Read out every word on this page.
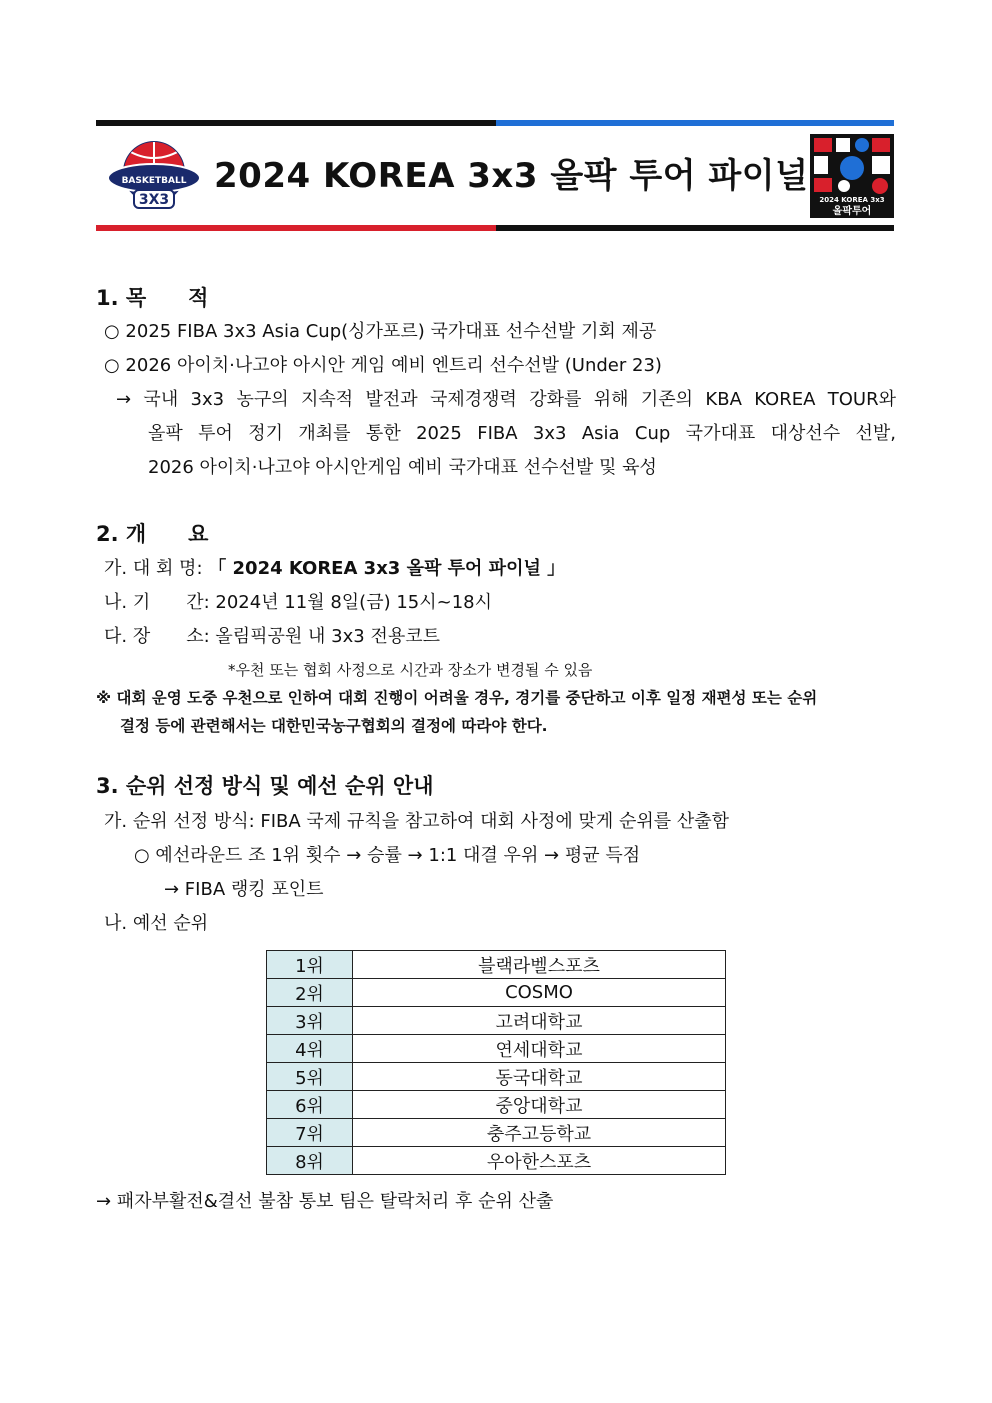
BASKETBALL
3X3
2024 KOREA 3x3 올팍 투어 파이널
2024 KOREA 3x3
올팍투어
1. 목　　적
○ 2025 FIBA 3x3 Asia Cup(싱가포르) 국가대표 선수선발 기회 제공
○ 2026 아이치·나고야 아시안 게임 예비 엔트리 선수선발 (Under 23)
→ 국내 3x3 농구의 지속적 발전과 국제경쟁력 강화를 위해 기존의 KBA KOREA TOUR와
올팍 투어 정기 개최를 통한 2025 FIBA 3x3 Asia Cup 국가대표 대상선수 선발,
2026 아이치·나고야 아시안게임 예비 국가대표 선수선발 및 육성
2. 개　　요
가. 대 회 명: 「 2024 KOREA 3x3 올팍 투어 파이널 」
나. 기　　간: 2024년 11월 8일(금) 15시~18시
다. 장　　소: 올림픽공원 내 3x3 전용코트
*우천 또는 협회 사정으로 시간과 장소가 변경될 수 있음
※ 대회 운영 도중 우천으로 인하여 대회 진행이 어려울 경우, 경기를 중단하고 이후 일정 재편성 또는 순위
결정 등에 관련해서는 대한민국농구협회의 결정에 따라야 한다.
3. 순위 선정 방식 및 예선 순위 안내
가. 순위 선정 방식: FIBA 국제 규칙을 참고하여 대회 사정에 맞게 순위를 산출함
○ 예선라운드 조 1위 횟수 → 승률 → 1:1 대결 우위 → 평균 득점
→ FIBA 랭킹 포인트
나. 예선 순위
1위	블랙라벨스포츠
2위	COSMO
3위	고려대학교
4위	연세대학교
5위	동국대학교
6위	중앙대학교
7위	충주고등학교
8위	우아한스포츠
→ 패자부활전&결선 불참 통보 팀은 탈락처리 후 순위 산출
